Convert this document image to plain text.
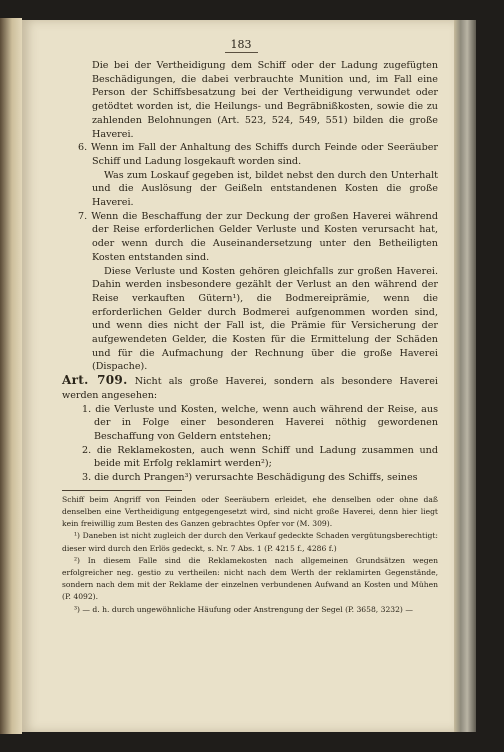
183

Die bei der Vertheidigung dem Schiff oder der Ladung zugefügten Beschädigungen, die dabei verbrauchte Munition und, im Fall eine Person der Schiffsbesatzung bei der Vertheidigung verwundet oder getödtet worden ist, die Heilungs- und Begräbnißkosten, sowie die zu zahlenden Belohnungen (Art. 523, 524, 549, 551) bilden die große Haverei.

6. Wenn im Fall der Anhaltung des Schiffs durch Feinde oder Seeräuber Schiff und Ladung losgekauft worden sind.

Was zum Loskauf gegeben ist, bildet nebst den durch den Unterhalt und die Auslösung der Geißeln entstandenen Kosten die große Haverei.

7. Wenn die Beschaffung der zur Deckung der großen Haverei während der Reise erforderlichen Gelder Verluste und Kosten verursacht hat, oder wenn durch die Auseinandersetzung unter den Betheiligten Kosten entstanden sind.

Diese Verluste und Kosten gehören gleichfalls zur großen Haverei. Dahin werden insbesondere gezählt der Verlust an den während der Reise verkauften Gütern¹), die Bodmereiprämie, wenn die erforderlichen Gelder durch Bodmerei aufgenommen worden sind, und wenn dies nicht der Fall ist, die Prämie für Versicherung der aufgewendeten Gelder, die Kosten für die Ermittelung der Schäden und für die Aufmachung der Rechnung über die große Haverei (Dispache).

Art. 709. Nicht als große Haverei, sondern als besondere Haverei werden angesehen:

1. die Verluste und Kosten, welche, wenn auch während der Reise, aus der in Folge einer besonderen Haverei nöthig gewordenen Beschaffung von Geldern entstehen;

2. die Reklamekosten, auch wenn Schiff und Ladung zusammen und beide mit Erfolg reklamirt werden²);

3. die durch Prangen³) verursachte Beschädigung des Schiffs, seines

Schiff beim Angriff von Feinden oder Seeräubern erleidet, ehe denselben oder ohne daß denselben eine Vertheidigung entgegengesetzt wird, sind nicht große Haverei, denn hier liegt kein freiwillig zum Besten des Ganzen gebrachtes Opfer vor (M. 309).

¹) Daneben ist nicht zugleich der durch den Verkauf gedeckte Schaden vergütungsberechtigt: dieser wird durch den Erlös gedeckt, s. Nr. 7 Abs. 1 (P. 4215 f., 4286 f.)

²) In diesem Falle sind die Reklamekosten nach allgemeinen Grundsätzen wegen erfolgreicher neg. gestio zu vertheilen: nicht nach dem Werth der reklamirten Gegenstände, sondern nach dem mit der Reklame der einzelnen verbundenen Aufwand an Kosten und Mühen (P. 4092).

³) — d. h. durch ungewöhnliche Häufung oder Anstrengung der Segel (P. 3658, 3232) —
